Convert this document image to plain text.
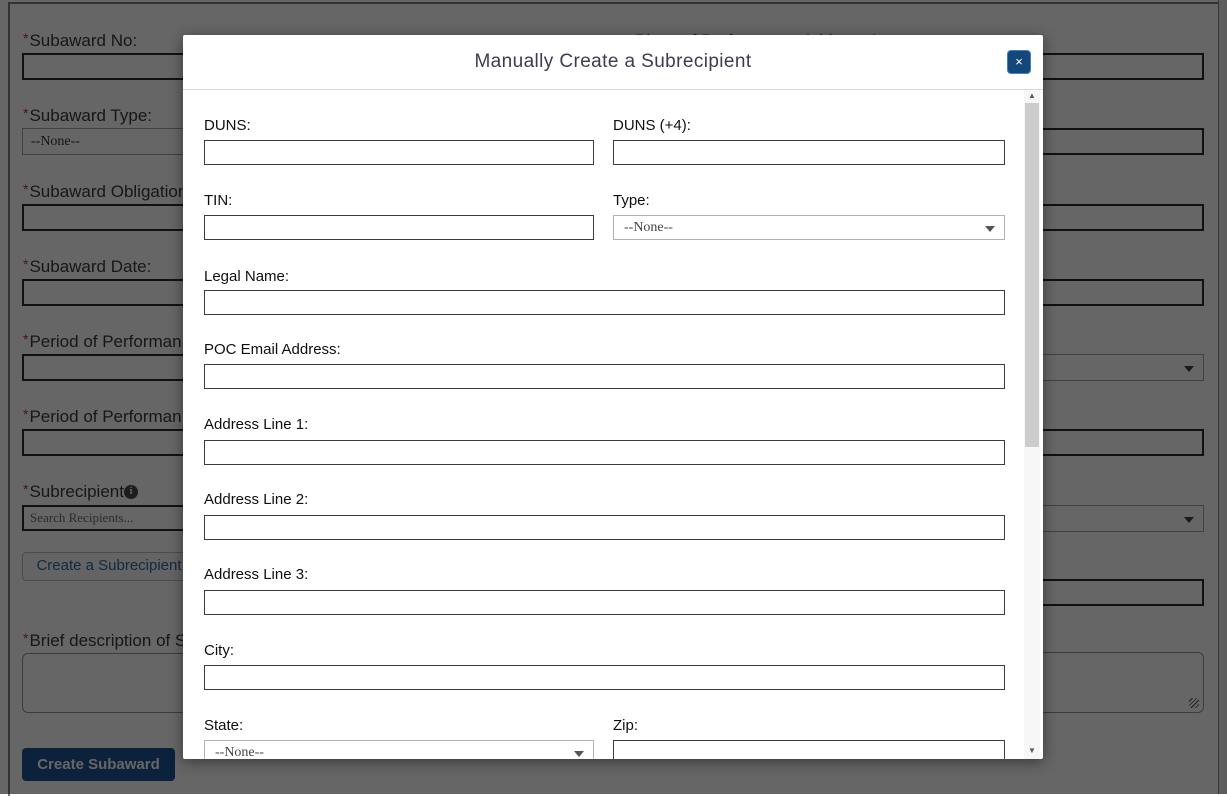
Search Recipients...
Manually Create a Subrecipient	×
DUNS:	DUNS (+4):
TIN:	Type:
--None--
Legal Name:
POC Email Address:
Address Line 1:
Address Line 2:
Address Line 3:
City:
State:
--None--
Zip:
▲
▼
